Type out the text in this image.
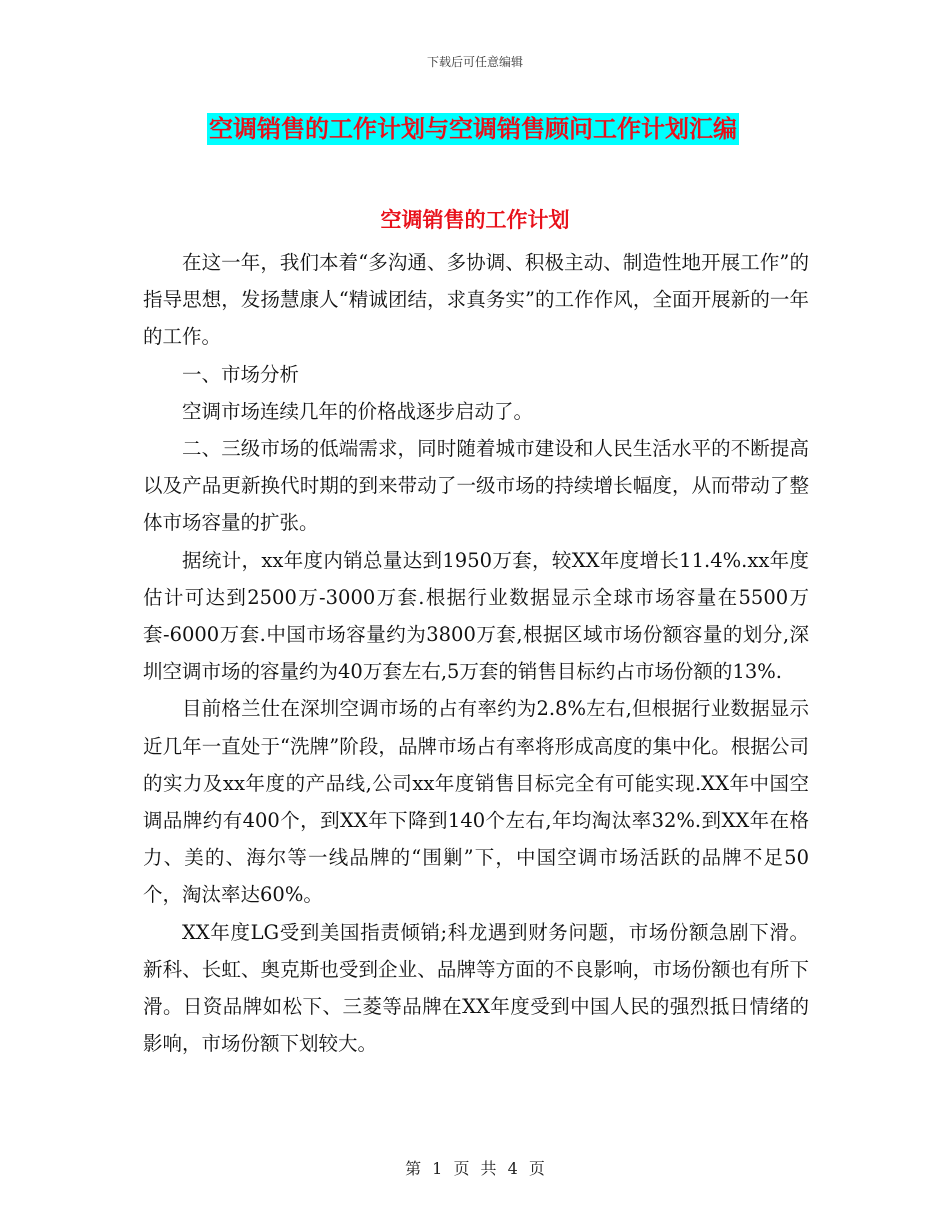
下载后可任意编辑
空调销售的工作计划与空调销售顾问工作计划汇编
空调销售的工作计划

在这一年，我们本着“多沟通、多协调、积极主动、制造性地开展工作”的指导思想，发扬慧康人“精诚团结，求真务实”的工作作风，全面开展新的一年的工作。

一、市场分析

空调市场连续几年的价格战逐步启动了。

二、三级市场的低端需求，同时随着城市建设和人民生活水平的不断提高以及产品更新换代时期的到来带动了一级市场的持续增长幅度，从而带动了整体市场容量的扩张。

据统计，xx年度内销总量达到1950万套，较XX年度增长11.4%.xx年度估计可达到2500万-3000万套.根据行业数据显示全球市场容量在5500万套-6000万套.中国市场容量约为3800万套,根据区域市场份额容量的划分,深圳空调市场的容量约为40万套左右,5万套的销售目标约占市场份额的13%.

目前格兰仕在深圳空调市场的占有率约为2.8%左右,但根据行业数据显示近几年一直处于“洗牌”阶段，品牌市场占有率将形成高度的集中化。根据公司的实力及xx年度的产品线,公司xx年度销售目标完全有可能实现.XX年中国空调品牌约有400个，到XX年下降到140个左右,年均淘汰率32%.到XX年在格力、美的、海尔等一线品牌的“围剿”下，中国空调市场活跃的品牌不足50个，淘汰率达60%。

XX年度LG受到美国指责倾销;科龙遇到财务问题，市场份额急剧下滑。新科、长虹、奥克斯也受到企业、品牌等方面的不良影响，市场份额也有所下滑。日资品牌如松下、三菱等品牌在XX年度受到中国人民的强烈抵日情绪的影响，市场份额下划较大。

第 1 页 共 4 页
